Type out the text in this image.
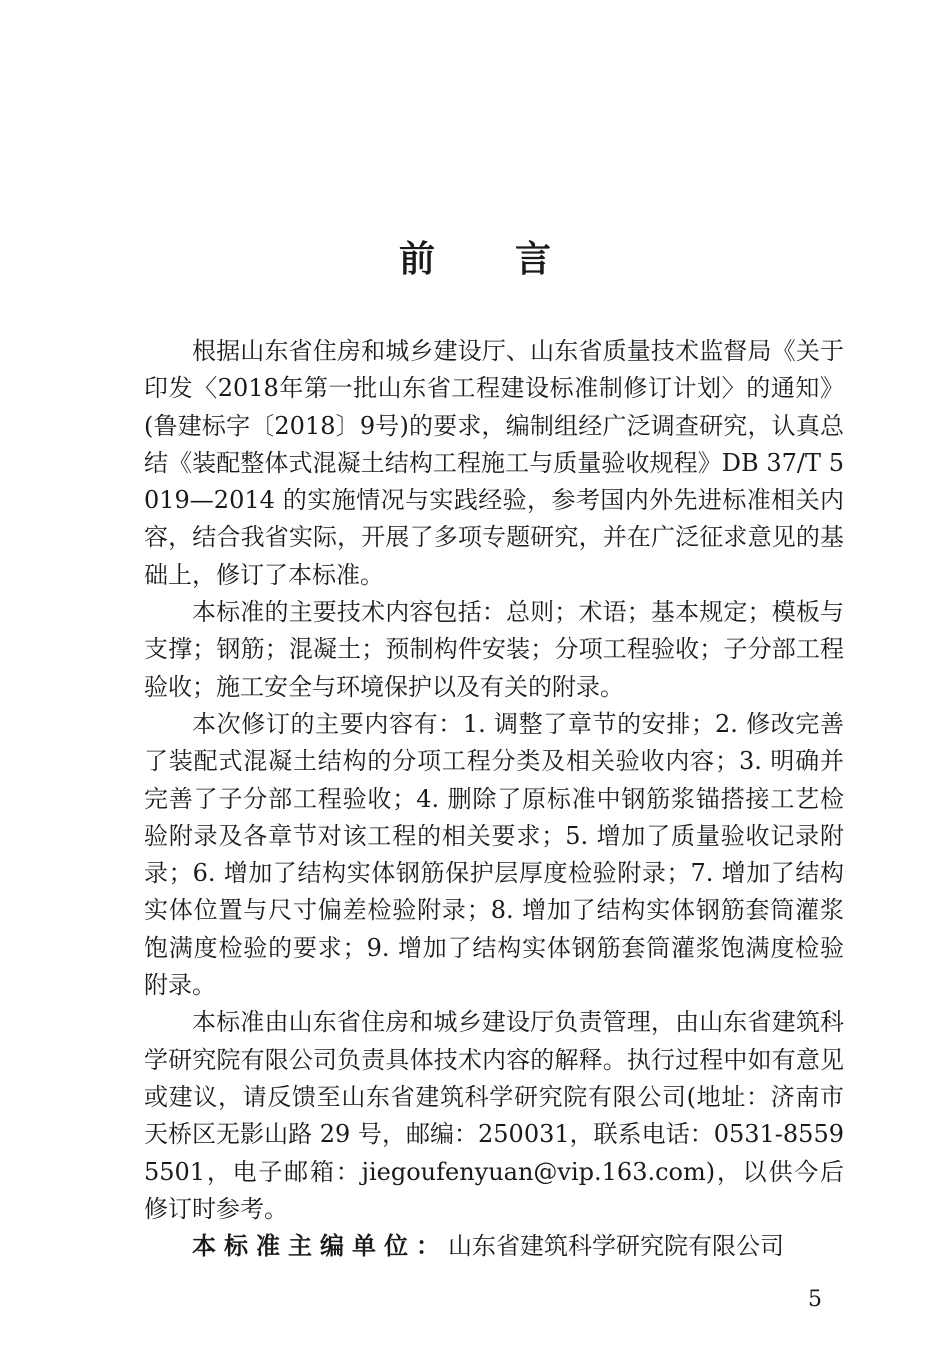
前言

根据山东省住房和城乡建设厅、山东省质量技术监督局《关于印发〈2018年第一批山东省工程建设标准制修订计划〉的通知》(鲁建标字〔2018〕9号)的要求，编制组经广泛调查研究，认真总结《装配整体式混凝土结构工程施工与质量验收规程》DB 37/T 5019—2014 的实施情况与实践经验，参考国内外先进标准相关内容，结合我省实际，开展了多项专题研究，并在广泛征求意见的基础上，修订了本标准。

本标准的主要技术内容包括：总则；术语；基本规定；模板与支撑；钢筋；混凝土；预制构件安装；分项工程验收；子分部工程验收；施工安全与环境保护以及有关的附录。

本次修订的主要内容有：1. 调整了章节的安排；2. 修改完善了装配式混凝土结构的分项工程分类及相关验收内容；3. 明确并完善了子分部工程验收；4. 删除了原标准中钢筋浆锚搭接工艺检验附录及各章节对该工程的相关要求；5. 增加了质量验收记录附录；6. 增加了结构实体钢筋保护层厚度检验附录；7. 增加了结构实体位置与尺寸偏差检验附录；8. 增加了结构实体钢筋套筒灌浆饱满度检验的要求；9. 增加了结构实体钢筋套筒灌浆饱满度检验附录。

本标准由山东省住房和城乡建设厅负责管理，由山东省建筑科学研究院有限公司负责具体技术内容的解释。执行过程中如有意见或建议，请反馈至山东省建筑科学研究院有限公司(地址：济南市天桥区无影山路 29 号，邮编：250031，联系电话：0531-85595501，电子邮箱：jiegoufenyuan@vip.163.com)，以供今后修订时参考。

本标准主编单位：山东省建筑科学研究院有限公司

5
